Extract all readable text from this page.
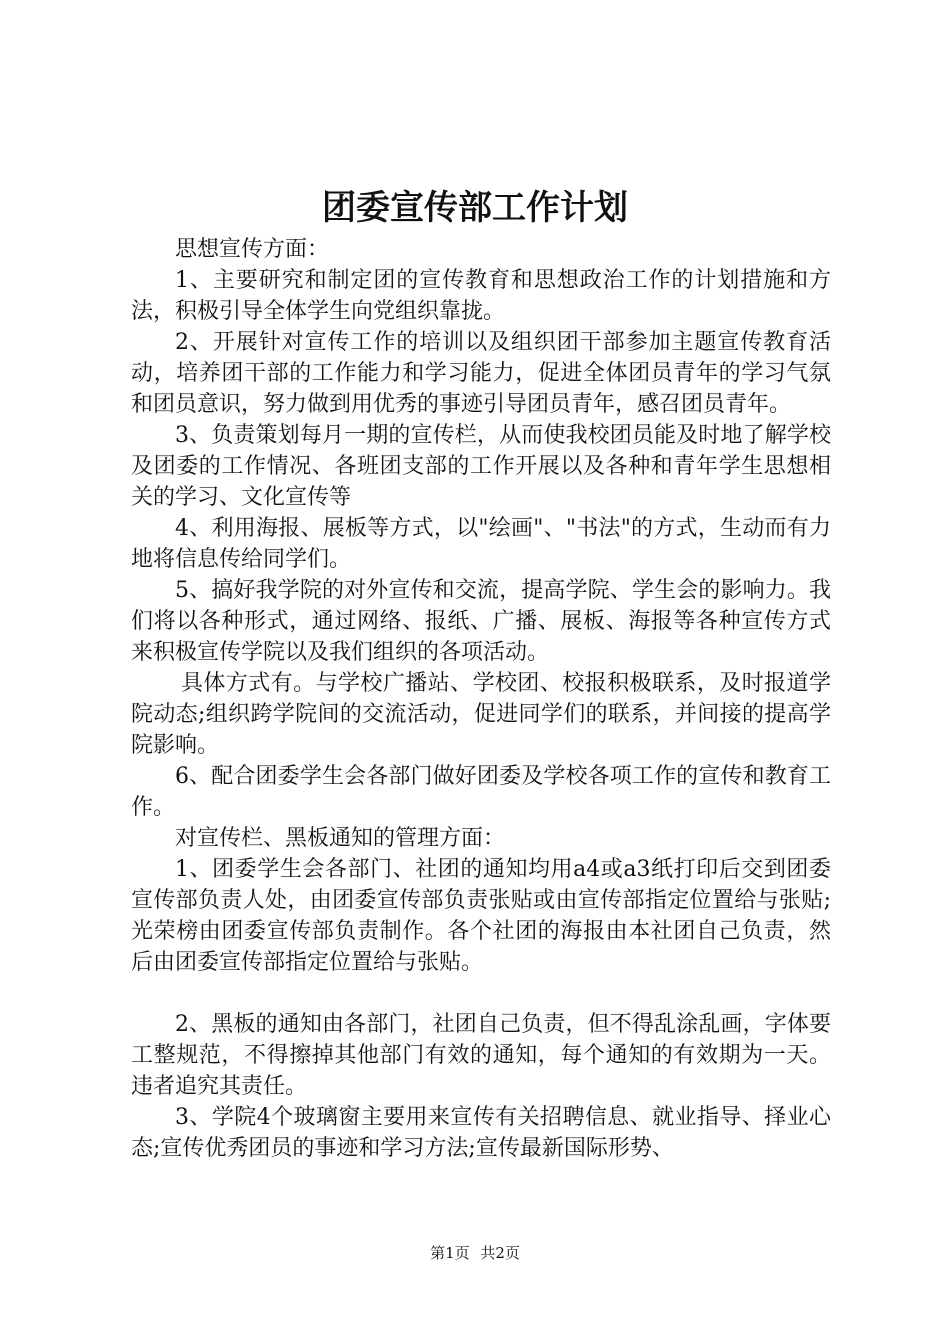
团委宣传部工作计划

思想宣传方面：

1、主要研究和制定团的宣传教育和思想政治工作的计划措施和方法，积极引导全体学生向党组织靠拢。

2、开展针对宣传工作的培训以及组织团干部参加主题宣传教育活动，培养团干部的工作能力和学习能力，促进全体团员青年的学习气氛和团员意识，努力做到用优秀的事迹引导团员青年，感召团员青年。

3、负责策划每月一期的宣传栏，从而使我校团员能及时地了解学校及团委的工作情况、各班团支部的工作开展以及各种和青年学生思想相关的学习、文化宣传等

4、利用海报、展板等方式，以"绘画"、"书法"的方式，生动而有力地将信息传给同学们。

5、搞好我学院的对外宣传和交流，提高学院、学生会的影响力。我们将以各种形式，通过网络、报纸、广播、展板、海报等各种宣传方式来积极宣传学院以及我们组织的各项活动。

具体方式有。与学校广播站、学校团、校报积极联系，及时报道学院动态;组织跨学院间的交流活动，促进同学们的联系，并间接的提高学院影响。

6、配合团委学生会各部门做好团委及学校各项工作的宣传和教育工作。

对宣传栏、黑板通知的管理方面：

1、团委学生会各部门、社团的通知均用a4或a3纸打印后交到团委宣传部负责人处，由团委宣传部负责张贴或由宣传部指定位置给与张贴;光荣榜由团委宣传部负责制作。各个社团的海报由本社团自己负责，然后由团委宣传部指定位置给与张贴。

2、黑板的通知由各部门，社团自己负责，但不得乱涂乱画，字体要工整规范，不得擦掉其他部门有效的通知，每个通知的有效期为一天。违者追究其责任。

3、学院4个玻璃窗主要用来宣传有关招聘信息、就业指导、择业心态;宣传优秀团员的事迹和学习方法;宣传最新国际形势、

第1页 共2页
